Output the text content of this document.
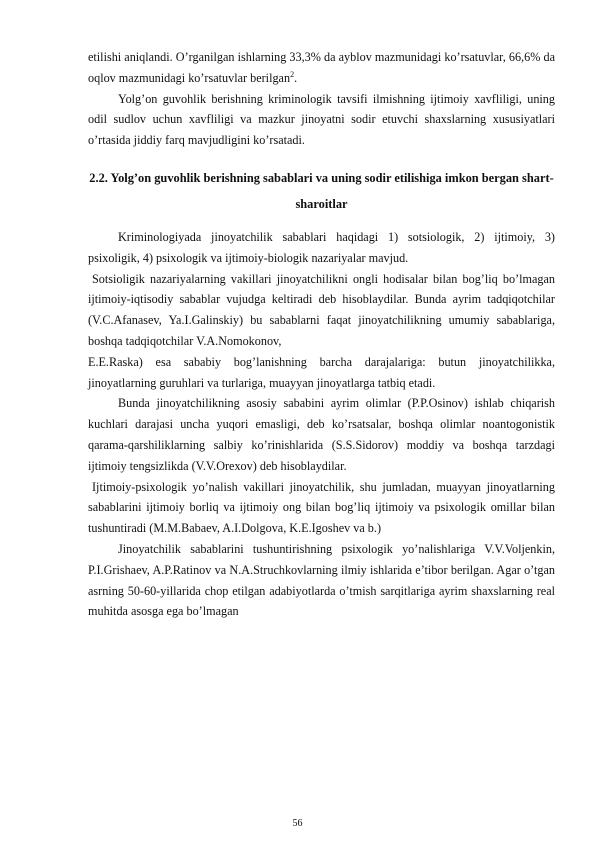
etilishi aniqlandi. O’rganilgan ishlarning 33,3% da ayblov mazmunidagi ko’rsatuvlar, 66,6% da oqlov mazmunidagi ko’rsatuvlar berilgan$^2$.

Yolg’on guvohlik berishning kriminologik tavsifi ilmishning ijtimoiy xavfliligi, uning odil sudlov uchun xavfliligi va mazkur jinoyatni sodir etuvchi shaxslarning xususiyatlari o’rtasida jiddiy farq mavjudligini ko’rsatadi.

2.2. Yolg’on guvohlik berishning sabablari va uning sodir etilishiga imkon bergan shart-sharoitlar

Kriminologiyada jinoyatchilik sabablari haqidagi 1) sotsiologik, 2) ijtimoiy, 3) psixoligik, 4) psixologik va ijtimoiy-biologik nazariyalar mavjud.

Sotsioligik nazariyalarning vakillari jinoyatchilikni ongli hodisalar bilan bog’liq bo’lmagan ijtimoiy-iqtisodiy sabablar vujudga keltiradi deb hisoblaydilar. Bunda ayrim tadqiqotchilar (V.C.Afanasev, Ya.I.Galinskiy) bu sabablarni faqat jinoyatchilikning umumiy sabablariga, boshqa tadqiqotchilar V.A.Nomokonov,

E.E.Raska) esa sababiy bog’lanishning barcha darajalariga: butun jinoyatchilikka, jinoyatlarning guruhlari va turlariga, muayyan jinoyatlarga tatbiq etadi.

Bunda jinoyatchilikning asosiy sababini ayrim olimlar (P.P.Osinov) ishlab chiqarish kuchlari darajasi uncha yuqori emasligi, deb ko’rsatsalar, boshqa olimlar noantogonistik qarama-qarshiliklarning salbiy ko’rinishlarida (S.S.Sidorov) moddiy va boshqa tarzdagi ijtimoiy tengsizlikda (V.V.Orexov) deb hisoblaydilar.

Ijtimoiy-psixologik yo’nalish vakillari jinoyatchilik, shu jumladan, muayyan jinoyatlarning sabablarini ijtimoiy borliq va ijtimoiy ong bilan bog’liq ijtimoiy va psixologik omillar bilan tushuntiradi (M.M.Babaev, A.I.Dolgova, K.E.Igoshev va b.)

Jinoyatchilik sabablarini tushuntirishning psixologik yo’nalishlariga V.V.Voljenkin, P.I.Grishaev, A.P.Ratinov va N.A.Struchkovlarning ilmiy ishlarida e’tibor berilgan. Agar o’tgan asrning 50-60-yillarida chop etilgan adabiyotlarda o’tmish sarqitlariga ayrim shaxslarning real muhitda asosga ega bo’lmagan

56
